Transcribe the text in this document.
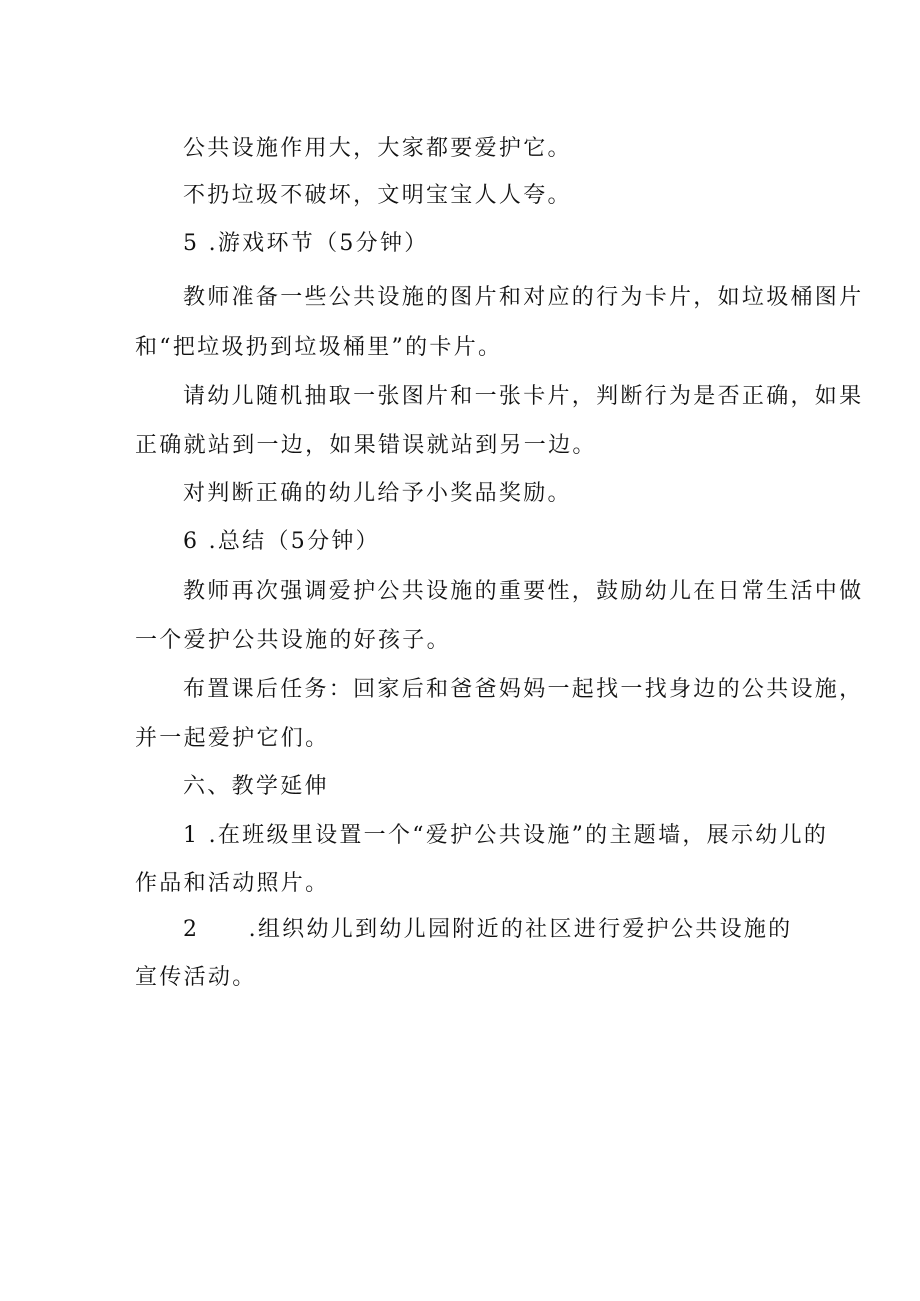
公共设施作用大，大家都要爱护它。

不扔垃圾不破坏，文明宝宝人人夸。

5 .游戏环节（5分钟）

教师准备一些公共设施的图片和对应的行为卡片，如垃圾桶图片

和“把垃圾扔到垃圾桶里”的卡片。

请幼儿随机抽取一张图片和一张卡片，判断行为是否正确，如果

正确就站到一边，如果错误就站到另一边。

对判断正确的幼儿给予小奖品奖励。

6 .总结（5分钟）

教师再次强调爱护公共设施的重要性，鼓励幼儿在日常生活中做

一个爱护公共设施的好孩子。

布置课后任务：回家后和爸爸妈妈一起找一找身边的公共设施，

并一起爱护它们。

六、教学延伸

1 .在班级里设置一个“爱护公共设施”的主题墙，展示幼儿的

作品和活动照片。

2 .组织幼儿到幼儿园附近的社区进行爱护公共设施的

宣传活动。
